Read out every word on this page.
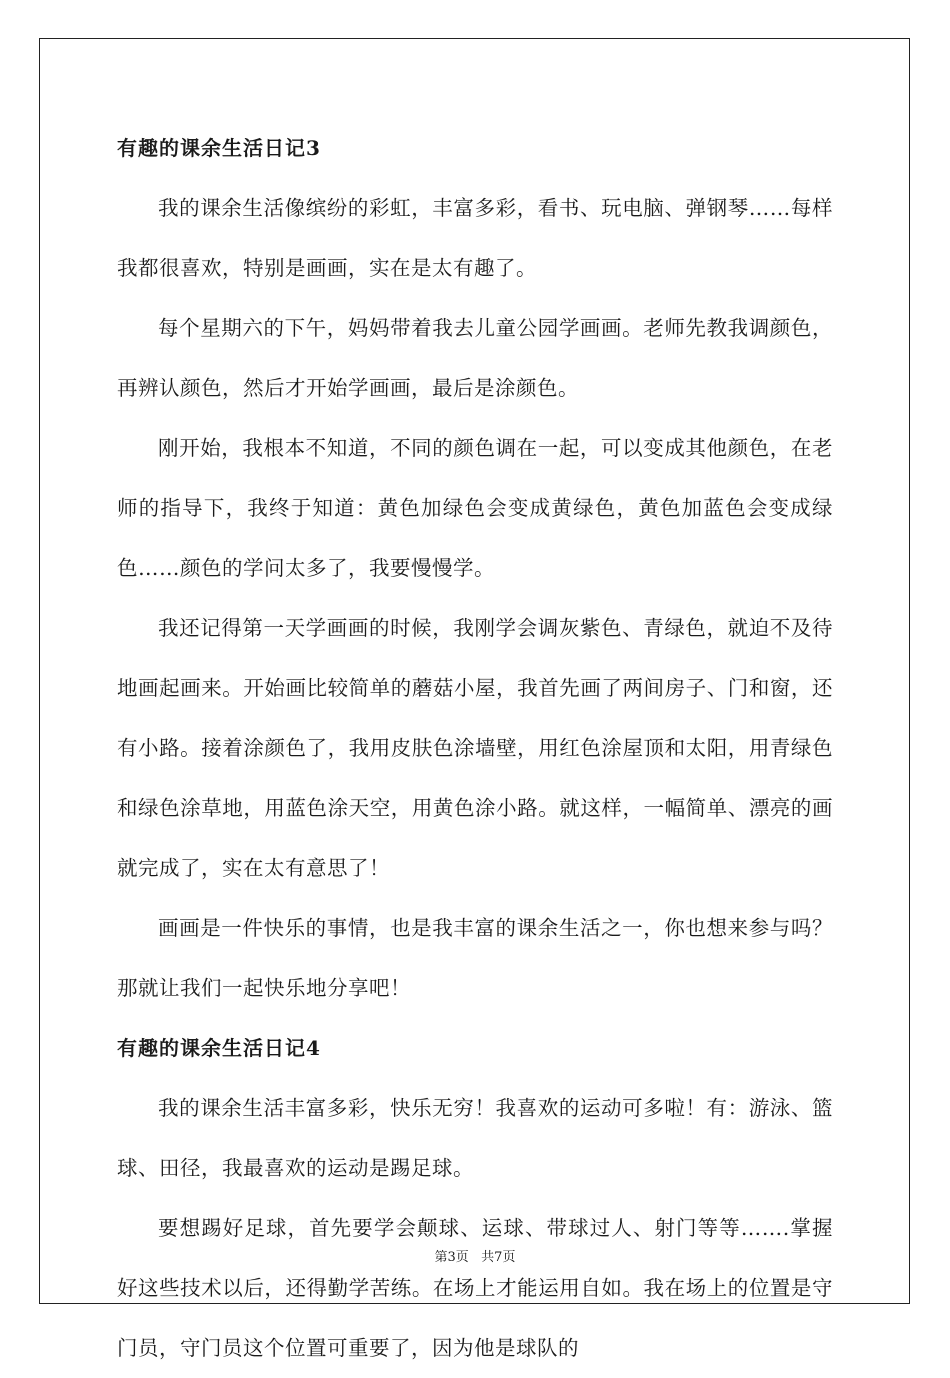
有趣的课余生活日记3

我的课余生活像缤纷的彩虹，丰富多彩，看书、玩电脑、弹钢琴……每样我都很喜欢，特别是画画，实在是太有趣了。

每个星期六的下午，妈妈带着我去儿童公园学画画。老师先教我调颜色，再辨认颜色，然后才开始学画画，最后是涂颜色。

刚开始，我根本不知道，不同的颜色调在一起，可以变成其他颜色，在老师的指导下，我终于知道：黄色加绿色会变成黄绿色，黄色加蓝色会变成绿色……颜色的学问太多了，我要慢慢学。

我还记得第一天学画画的时候，我刚学会调灰紫色、青绿色，就迫不及待地画起画来。开始画比较简单的蘑菇小屋，我首先画了两间房子、门和窗，还有小路。接着涂颜色了，我用皮肤色涂墙壁，用红色涂屋顶和太阳，用青绿色和绿色涂草地，用蓝色涂天空，用黄色涂小路。就这样，一幅简单、漂亮的画就完成了，实在太有意思了！

画画是一件快乐的事情，也是我丰富的课余生活之一，你也想来参与吗？那就让我们一起快乐地分享吧！

有趣的课余生活日记4

我的课余生活丰富多彩，快乐无穷！我喜欢的运动可多啦！有：游泳、篮球、田径，我最喜欢的运动是踢足球。

要想踢好足球，首先要学会颠球、运球、带球过人、射门等等…….掌握好这些技术以后，还得勤学苦练。在场上才能运用自如。我在场上的位置是守门员，守门员这个位置可重要了，因为他是球队的

第3页   共7页
